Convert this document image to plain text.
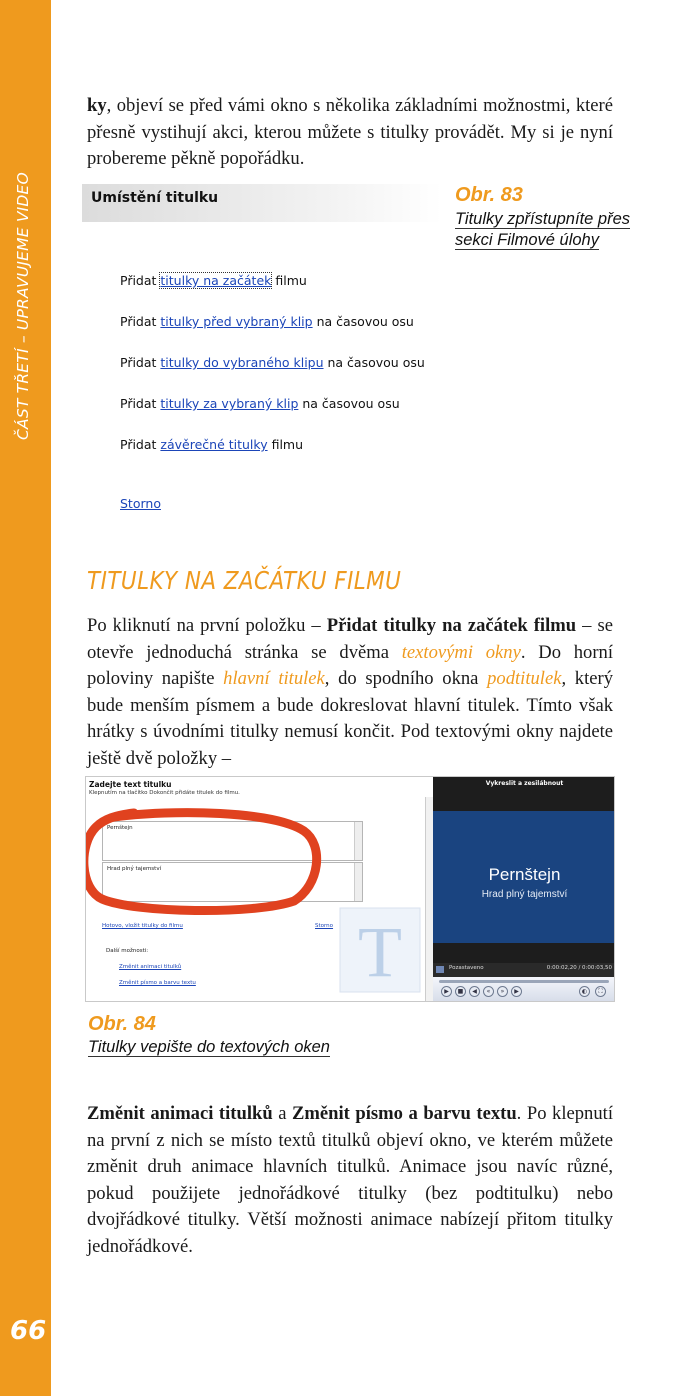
ČÁST TŘETÍ – UPRAVUJEME VIDEO
66

ky, objeví se před vámi okno s několika základními možnostmi, které přesně vystihují akci, kterou můžete s titulky provádět. My si je nyní probereme pěkně popořádku.

Umístění titulku
Přidat titulky na začátek filmu
Přidat titulky před vybraný klip na časovou osu
Přidat titulky do vybraného klipu na časovou osu
Přidat titulky za vybraný klip na časovou osu
Přidat závěrečné titulky filmu
Storno
Obr. 83
Titulky zpřístupníte přes sekci Filmové úlohy
TITULKY NA ZAČÁTKU FILMU

Po kliknutí na první položku – Přidat titulky na začátek filmu – se otevře jednoduchá stránka se dvěma textovými okny. Do horní poloviny napište hlavní titulek, do spodního okna podtitulek, který bude menším písmem a bude dokreslovat hlavní titulek. Tímto však hrátky s úvodními titulky nemusí končit. Pod textovými okny najdete ještě dvě položky –

Zadejte text titulku
Klepnutím na tlačítko Dokončit přidáte titulek do filmu.
Pernštejn
Hrad plný tajemství
Hotovo, vložit titulky do filmu	Storno
Další možnosti:
Změnit animaci titulků
Změnit písmo a barvu textu T
Vykreslit a zesilábnout
Pernštejn
Hrad plný tajemství
Pozastaveno	0:00:02,20 / 0:00:03,50
▶	■	◀	«	»	▶	◐	⛶
Obr. 84
Titulky vepište do textových oken

Změnit animaci titulků a Změnit písmo a barvu textu. Po klepnutí na první z nich se místo textů titulků objeví okno, ve kterém můžete změnit druh animace hlavních titulků. Animace jsou navíc různé, pokud použijete jednořádkové titulky (bez podtitulku) nebo dvojřádkové titulky. Větší možnosti animace nabízejí přitom titulky jednořádkové.
